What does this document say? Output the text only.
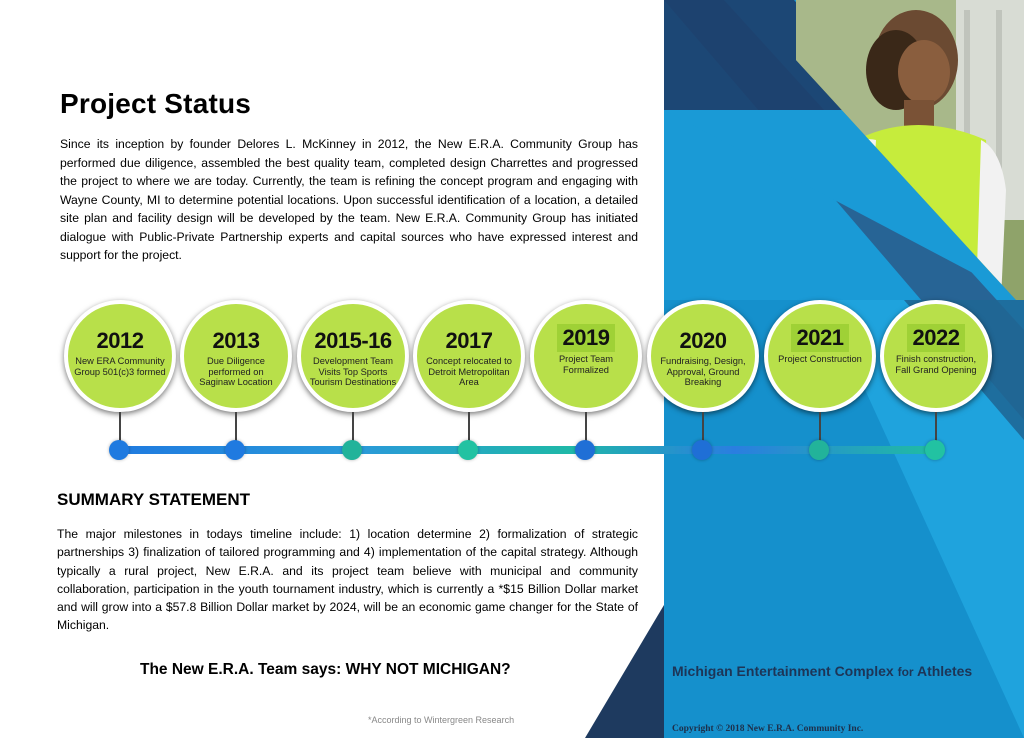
Project Status

Since its inception by founder Delores L. McKinney in 2012, the New E.R.A. Community Group has performed due diligence, assembled the best quality team, completed design Charrettes and progressed the project to where we are today. Currently, the team is refining the concept program and engaging with Wayne County, MI to determine potential locations. Upon successful identification of a location, a detailed site plan and facility design will be developed by the team. New E.R.A. Community Group has initiated dialogue with Public-Private Partnership experts and capital sources who have expressed interest and support for the project.

2012
New ERA Community Group 501(c)3 formed
2013
Due Diligence performed on Saginaw Location
2015-16
Development Team Visits Top Sports Tourism Destinations
2017
Concept relocated to Detroit Metropolitan Area
2019
Project Team Formalized
2020
Fundraising, Design, Approval, Ground Breaking
2021
Project Construction
2022
Finish construction, Fall Grand Opening
SUMMARY STATEMENT

The major milestones in todays timeline include: 1) location determine 2) formalization of strategic partnerships 3) finalization of tailored programming and 4) implementation of the capital strategy. Although typically a rural project, New E.R.A. and its project team believe with municipal and community collaboration, participation in the youth tournament industry, which is currently a *$15 Billion Dollar market and will grow into a $57.8 Billion Dollar market by 2024, will be an economic game changer for the State of Michigan.

The New E.R.A. Team says: WHY NOT MICHIGAN?

*According to Wintergreen Research

Michigan Entertainment Complex for Athletes

Copyright © 2018 New E.R.A. Community Inc.
